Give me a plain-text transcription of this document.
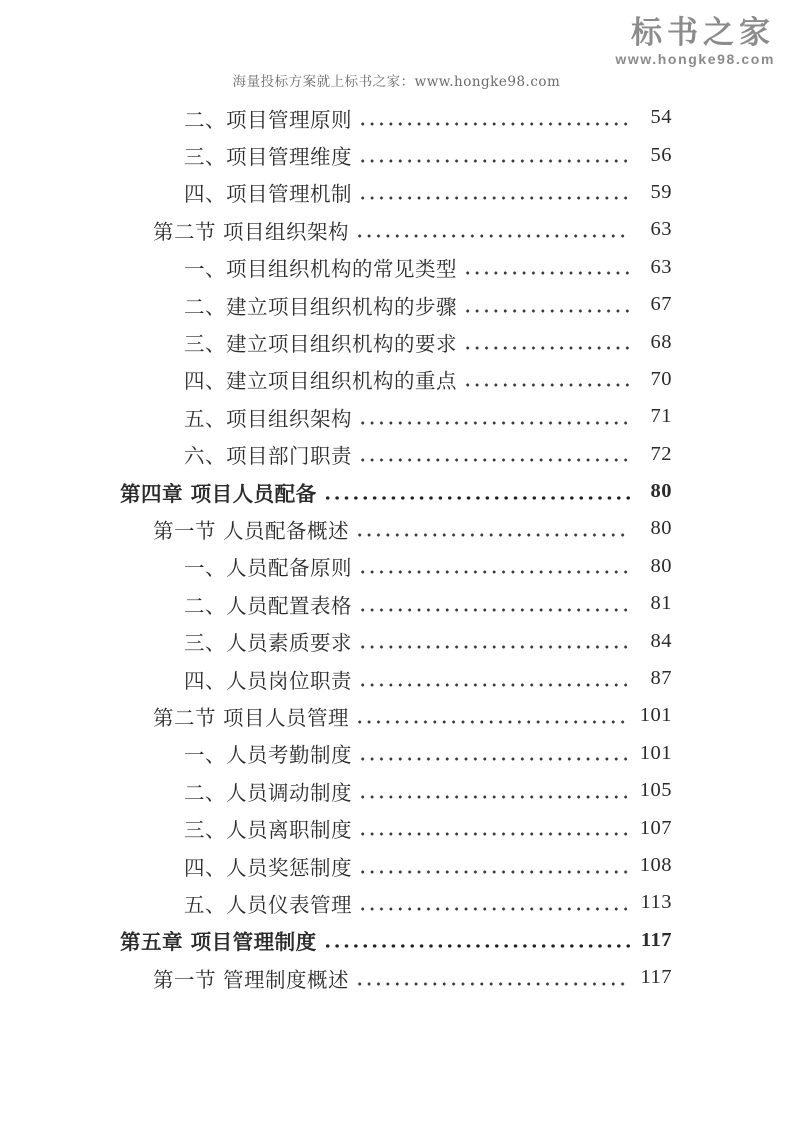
标书之家
www.hongke98.com
海量投标方案就上标书之家：www.hongke98.com
二、项目管理原则	54
三、项目管理维度	56
四、项目管理机制	59
第二节 项目组织架构	63
一、项目组织机构的常见类型	63
二、建立项目组织机构的步骤	67
三、建立项目组织机构的要求	68
四、建立项目组织机构的重点	70
五、项目组织架构	71
六、项目部门职责	72
第四章 项目人员配备	80
第一节 人员配备概述	80
一、人员配备原则	80
二、人员配置表格	81
三、人员素质要求	84
四、人员岗位职责	87
第二节 项目人员管理	101
一、人员考勤制度	101
二、人员调动制度	105
三、人员离职制度	107
四、人员奖惩制度	108
五、人员仪表管理	113
第五章 项目管理制度	117
第一节 管理制度概述	117
